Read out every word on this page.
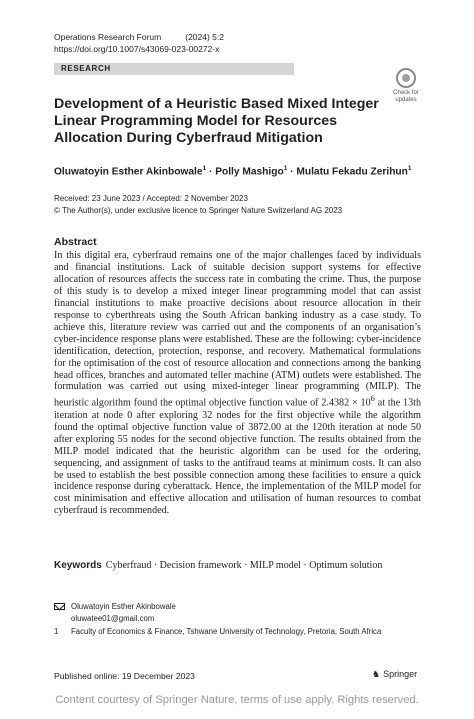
Operations Research Forum	(2024) 5:2
https://doi.org/10.1007/s43069-023-00272-x
RESEARCH
Check for
updates
Development of a Heuristic Based Mixed Integer Linear Programming Model for Resources Allocation During Cyberfraud Mitigation
Oluwatoyin Esther Akinbowale$^1$ · Polly Mashigo$^1$ · Mulatu Fekadu Zerihun$^1$
Received: 23 June 2023 / Accepted: 2 November 2023
© The Author(s), under exclusive licence to Springer Nature Switzerland AG 2023
Abstract
In this digital era, cyberfraud remains one of the major challenges faced by individuals and financial institutions. Lack of suitable decision support systems for effective allocation of resources affects the success rate in combating the crime. Thus, the purpose of this study is to develop a mixed integer linear programming model that can assist financial institutions to make proactive decisions about resource allocation in their response to cyberthreats using the South African banking industry as a case study. To achieve this, literature review was carried out and the components of an organisation’s cyber-incidence response plans were established. These are the following: cyber-incidence identification, detection, protection, response, and recovery. Mathematical formulations for the optimisation of the cost of resource allocation and connections among the banking head offices, branches and automated teller machine (ATM) outlets were established. The formulation was carried out using mixed-integer linear programming (MILP). The heuristic algorithm found the optimal objective function value of $2.4382 \times 10^6$ at the 13th iteration at node 0 after exploring 32 nodes for the first objective while the algorithm found the optimal objective function value of 3872.00 at the 120th iteration at node 50 after exploring 55 nodes for the second objective function. The results obtained from the MILP model indicated that the heuristic algorithm can be used for the ordering, sequencing, and assignment of tasks to the antifraud teams at minimum costs. It can also be used to establish the best possible connection among these facilities to ensure a quick incidence response during cyberattack. Hence, the implementation of the MILP model for cost minimisation and effective allocation and utilisation of human resources to combat cyberfraud is recommended.
Keywords Cyberfraud · Decision framework · MILP model · Optimum solution
Oluwatoyin Esther Akinbowale
oluwatee01@gmail.com
1 Faculty of Economics & Finance, Tshwane University of Technology, Pretoria, South Africa
Published online: 19 December 2023	♞ Springer
Content courtesy of Springer Nature, terms of use apply. Rights reserved.
